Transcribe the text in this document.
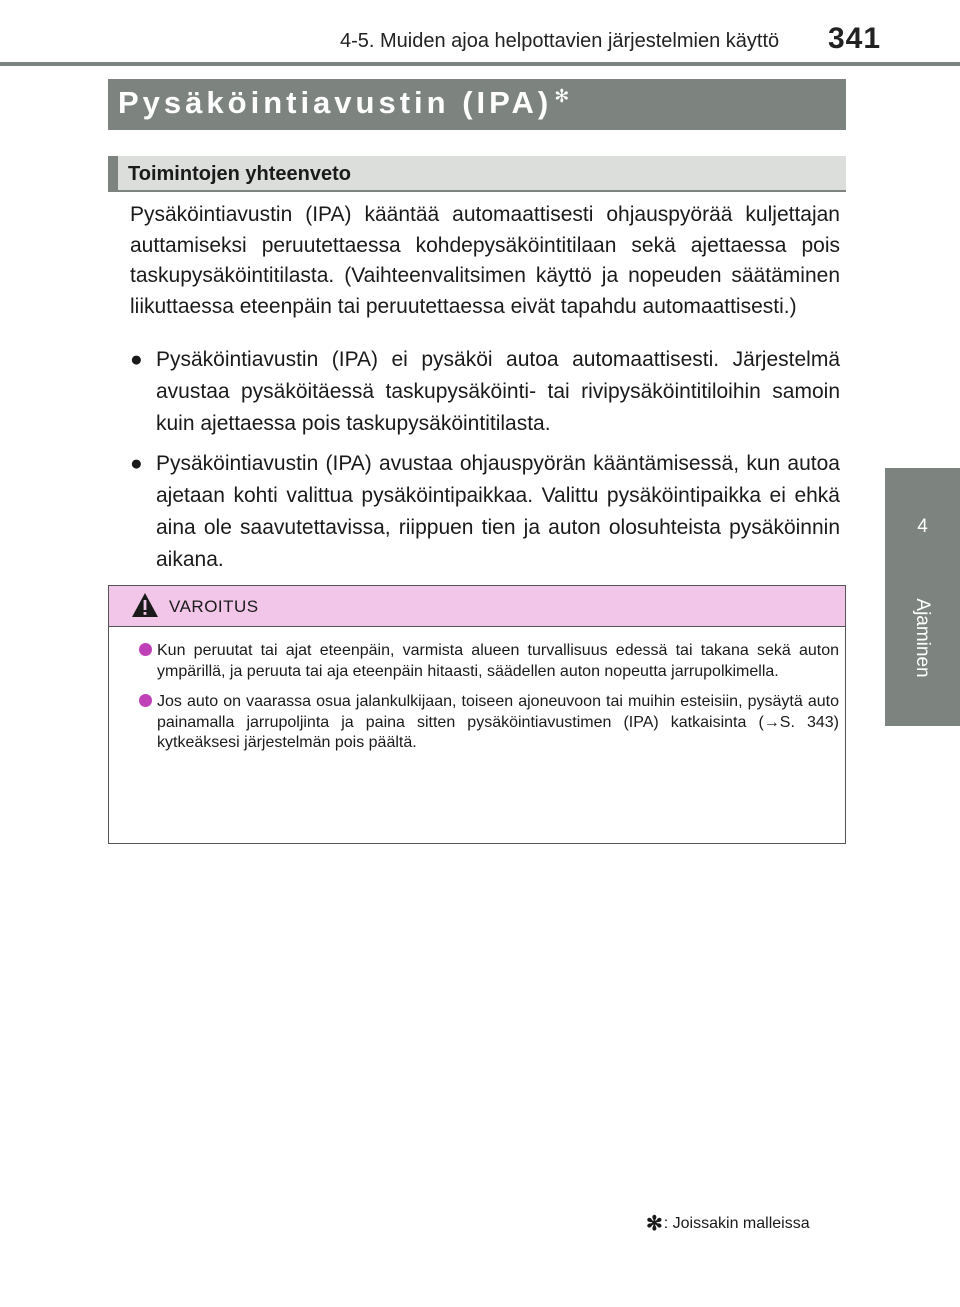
4-5. Muiden ajoa helpottavien järjestelmien käyttö 341
4
Ajaminen
Pysäköintiavustin (IPA) ✻
Toimintojen yhteenveto
Pysäköintiavustin (IPA) kääntää automaattisesti ohjauspyörää kuljettajan auttamiseksi peruutettaessa kohdepysäköintitilaan sekä ajettaessa pois taskupysäköintitilasta. (Vaihteenvalitsimen käyttö ja nopeuden säätäminen liikuttaessa eteenpäin tai peruutettaessa eivät tapahdu automaattisesti.)
● Pysäköintiavustin (IPA) ei pysäköi autoa automaattisesti. Järjestelmä avustaa pysäköitäessä taskupysäköinti- tai rivipysäköintitiloihin samoin kuin ajettaessa pois taskupysäköintitilasta.
● Pysäköintiavustin (IPA) avustaa ohjauspyörän kääntämisessä, kun autoa ajetaan kohti valittua pysäköintipaikkaa. Valittu pysäköintipaikka ei ehkä aina ole saavutettavissa, riippuen tien ja auton olosuhteista pysäköinnin aikana.
VAROITUS
Kun peruutat tai ajat eteenpäin, varmista alueen turvallisuus edessä tai takana sekä auton ympärillä, ja peruuta tai aja eteenpäin hitaasti, säädellen auton nopeutta jarrupolkimella.
Jos auto on vaarassa osua jalankulkijaan, toiseen ajoneuvoon tai muihin esteisiin, pysäytä auto painamalla jarrupoljinta ja paina sitten pysäköintiavustimen (IPA) katkaisinta (→S. 343) kytkeäksesi järjestelmän pois päältä.
✻: Joissakin malleissa
